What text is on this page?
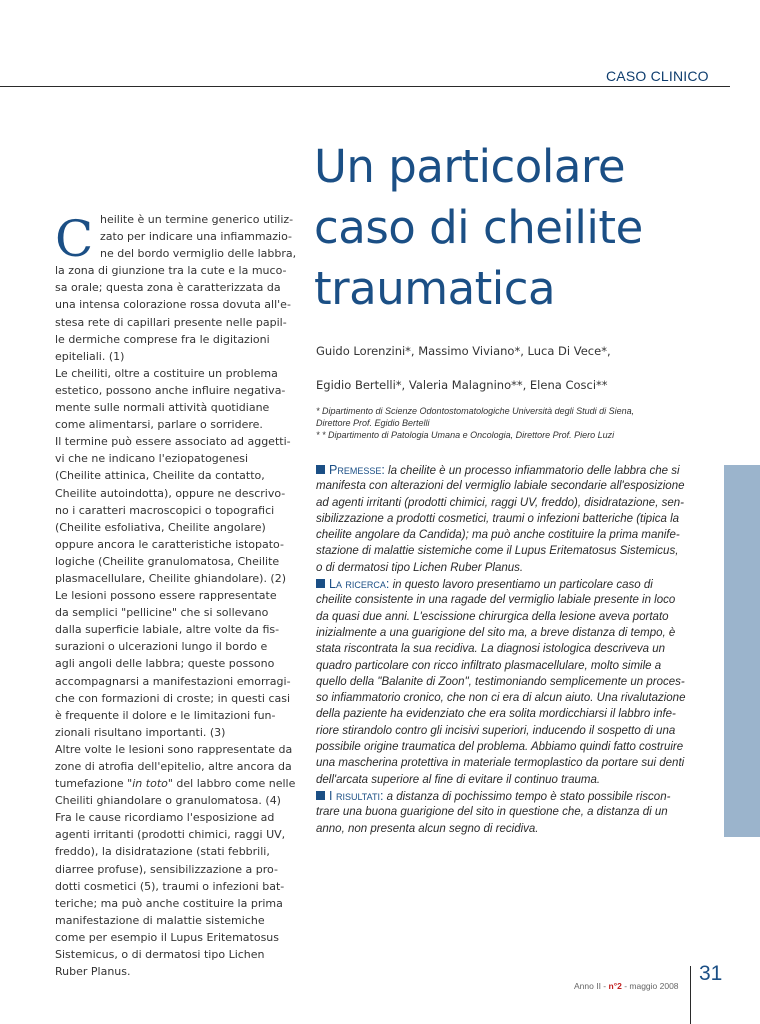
CASO CLINICO
Un particolare
caso di cheilite
traumatica
Guido Lorenzini*, Massimo Viviano*, Luca Di Vece*,
Egidio Bertelli*, Valeria Malagnino**, Elena Cosci**
* Dipartimento di Scienze Odontostomatologiche Università degli Studi di Siena,
Direttore Prof. Egidio Bertelli
* * Dipartimento di Patologia Umana e Oncologia, Direttore Prof. Piero Luzi
Premesse: la cheilite è un processo infiammatorio delle labbra che si
manifesta con alterazioni del vermiglio labiale secondarie all'esposizione
ad agenti irritanti (prodotti chimici, raggi UV, freddo), disidratazione, sen-
sibilizzazione a prodotti cosmetici, traumi o infezioni batteriche (tipica la
cheilite angolare da Candida); ma può anche costituire la prima manife-
stazione di malattie sistemiche come il Lupus Eritematosus Sistemicus,
o di dermatosi tipo Lichen Ruber Planus.
La ricerca: in questo lavoro presentiamo un particolare caso di
cheilite consistente in una ragade del vermiglio labiale presente in loco
da quasi due anni. L'escissione chirurgica della lesione aveva portato
inizialmente a una guarigione del sito ma, a breve distanza di tempo, è
stata riscontrata la sua recidiva. La diagnosi istologica descriveva un
quadro particolare con ricco infiltrato plasmacellulare, molto simile a
quello della "Balanite di Zoon", testimoniando semplicemente un proces-
so infiammatorio cronico, che non ci era di alcun aiuto. Una rivalutazione
della paziente ha evidenziato che era solita mordicchiarsi il labbro infe-
riore stirandolo contro gli incisivi superiori, inducendo il sospetto di una
possibile origine traumatica del problema. Abbiamo quindi fatto costruire
una mascherina protettiva in materiale termoplastico da portare sui denti
dell'arcata superiore al fine di evitare il continuo trauma.
I risultati: a distanza di pochissimo tempo è stato possibile riscon-
trare una buona guarigione del sito in questione che, a distanza di un
anno, non presenta alcun segno di recidiva.
C heilite è un termine generico utiliz-
zato per indicare una infiammazio-
ne del bordo vermiglio delle labbra,
la zona di giunzione tra la cute e la muco-
sa orale; questa zona è caratterizzata da
una intensa colorazione rossa dovuta all'e-
stesa rete di capillari presente nelle papil-
le dermiche comprese fra le digitazioni
epiteliali. (1)
Le cheiliti, oltre a costituire un problema
estetico, possono anche influire negativa-
mente sulle normali attività quotidiane
come alimentarsi, parlare o sorridere.
Il termine può essere associato ad aggetti-
vi che ne indicano l'eziopatogenesi
(Cheilite attinica, Cheilite da contatto,
Cheilite autoindotta), oppure ne descrivo-
no i caratteri macroscopici o topografici
(Cheilite esfoliativa, Cheilite angolare)
oppure ancora le caratteristiche istopato-
logiche (Cheilite granulomatosa, Cheilite
plasmacellulare, Cheilite ghiandolare). (2)
Le lesioni possono essere rappresentate
da semplici "pellicine" che si sollevano
dalla superficie labiale, altre volte da fis-
surazioni o ulcerazioni lungo il bordo e
agli angoli delle labbra; queste possono
accompagnarsi a manifestazioni emorragi-
che con formazioni di croste; in questi casi
è frequente il dolore e le limitazioni fun-
zionali risultano importanti. (3)
Altre volte le lesioni sono rappresentate da
zone di atrofia dell'epitelio, altre ancora da
tumefazione "in toto" del labbro come nelle
Cheiliti ghiandolare o granulomatosa. (4)
Fra le cause ricordiamo l'esposizione ad
agenti irritanti (prodotti chimici, raggi UV,
freddo), la disidratazione (stati febbrili,
diarree profuse), sensibilizzazione a pro-
dotti cosmetici (5), traumi o infezioni bat-
teriche; ma può anche costituire la prima
manifestazione di malattie sistemiche
come per esempio il Lupus Eritematosus
Sistemicus, o di dermatosi tipo Lichen
Ruber Planus.
Anno II - n°2 - maggio 2008
31
